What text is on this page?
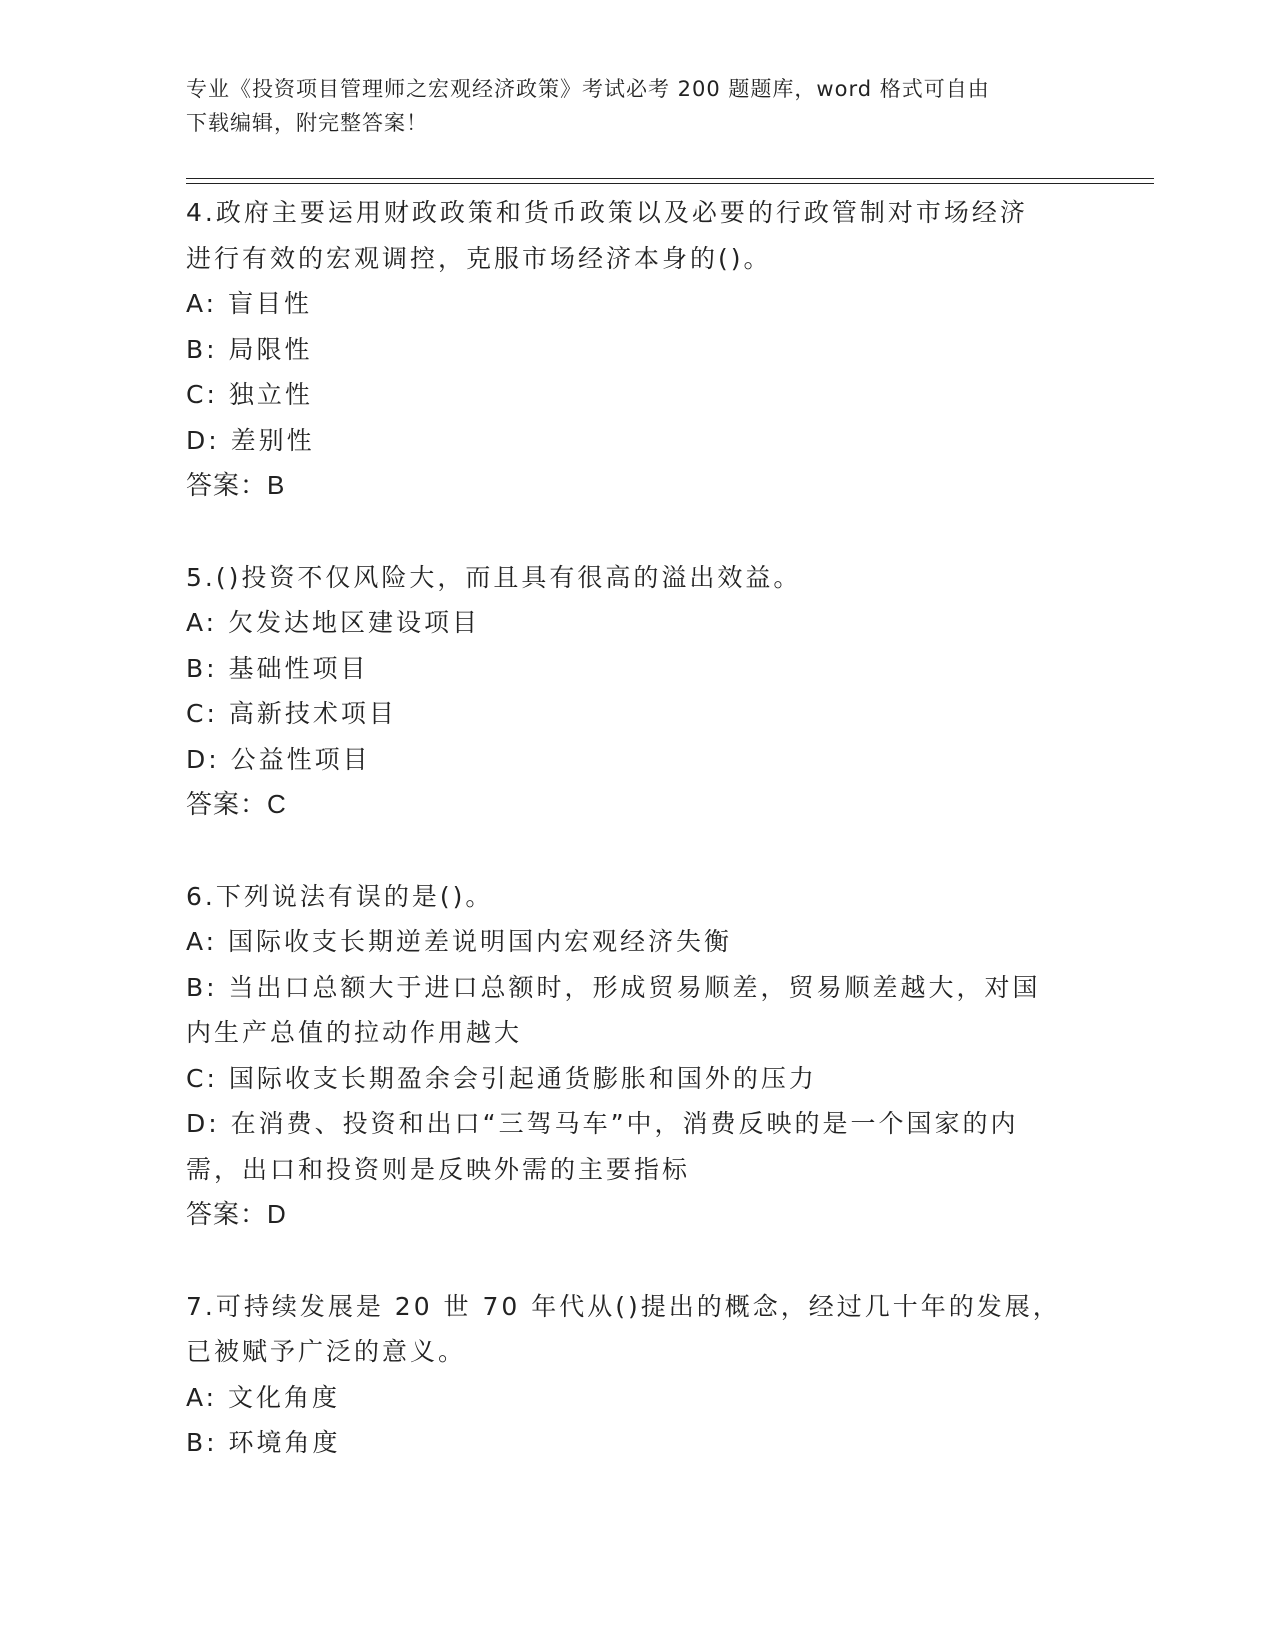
专业《投资项目管理师之宏观经济政策》考试必考 200 题题库，word 格式可自由
下载编辑，附完整答案！
4.政府主要运用财政政策和货币政策以及必要的行政管制对市场经济
进行有效的宏观调控，克服市场经济本身的()。
A: 盲目性
B: 局限性
C: 独立性
D: 差别性
答案：B
5.()投资不仅风险大，而且具有很高的溢出效益。
A: 欠发达地区建设项目
B: 基础性项目
C: 高新技术项目
D: 公益性项目
答案：C
6.下列说法有误的是()。
A: 国际收支长期逆差说明国内宏观经济失衡
B: 当出口总额大于进口总额时，形成贸易顺差，贸易顺差越大，对国
内生产总值的拉动作用越大
C: 国际收支长期盈余会引起通货膨胀和国外的压力
D: 在消费、投资和出口“三驾马车”中，消费反映的是一个国家的内
需，出口和投资则是反映外需的主要指标
答案：D
7.可持续发展是 20 世 70 年代从()提出的概念，经过几十年的发展，
已被赋予广泛的意义。
A: 文化角度
B: 环境角度
